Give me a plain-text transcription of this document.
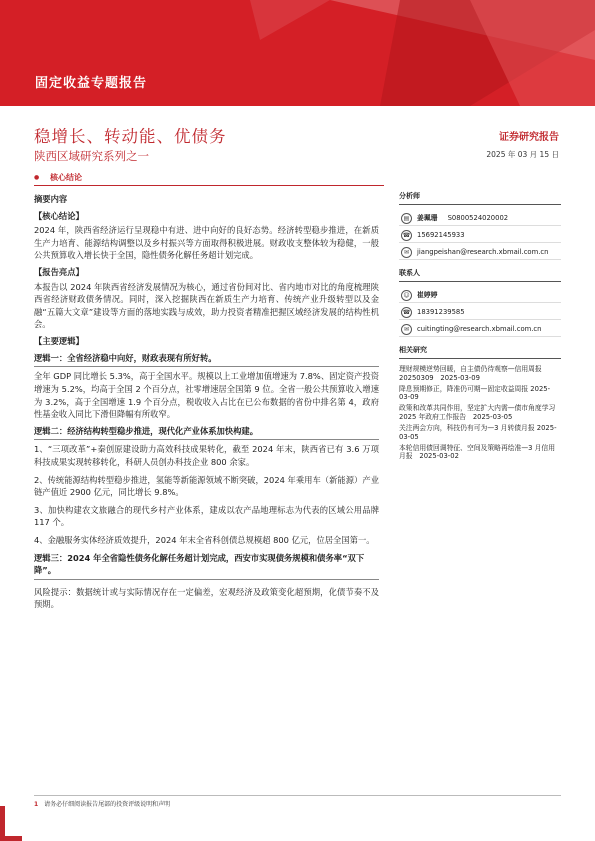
固定收益专题报告
稳增长、转动能、优债务
陕西区域研究系列之一
证券研究报告
2025 年 03 月 15 日
● 核心结论
摘要内容
【核心结论】

2024 年，陕西省经济运行呈现稳中有进、进中向好的良好态势。经济转型稳步推进，在新质生产力培育、能源结构调整以及乡村振兴等方面取得积极进展。财政收支整体较为稳健，一般公共预算收入增长快于全国，隐性债务化解任务超计划完成。

【报告亮点】

本报告以 2024 年陕西省经济发展情况为核心，通过省份间对比、省内地市对比的角度梳理陕西省经济财政债务情况。同时，深入挖掘陕西在新质生产力培育、传统产业升级转型以及金融“五篇大文章”建设等方面的落地实践与成效，助力投资者精准把握区域经济发展的结构性机会。

【主要逻辑】
逻辑一：全省经济稳中向好，财政表现有所好转。

全年 GDP 同比增长 5.3%，高于全国水平。规模以上工业增加值增速为 7.8%、固定资产投资增速为 5.2%，均高于全国 2 个百分点，社零增速居全国第 9 位。全省一般公共预算收入增速为 3.2%，高于全国增速 1.9 个百分点，税收收入占比在已公布数据的省份中排名第 4，政府性基金收入同比下滑但降幅有所收窄。

逻辑二：经济结构转型稳步推进，现代化产业体系加快构建。

1、“三项改革”+秦创原建设助力高效科技成果转化，截至 2024 年末，陕西省已有 3.6 万项科技成果实现转移转化，科研人员创办科技企业 800 余家。

2、传统能源结构转型稳步推进，氢能等新能源领域不断突破，2024 年乘用车（新能源）产业链产值近 2900 亿元，同比增长 9.8%。

3、加快构建农文旅融合的现代乡村产业体系，建成以农产品地理标志为代表的区域公用品牌 117 个。

4、金融服务实体经济质效提升，2024 年末全省科创债总规模超 800 亿元，位居全国第一。

逻辑三：2024 年全省隐性债务化解任务超计划完成，西安市实现债务规模和债务率“双下降”。

风险提示：数据统计或与实际情况存在一定偏差，宏观经济及政策变化超预期，化债节奏不及预期。

分析师
▤	姜珮珊 S0800524020002
☎ 15692145933
✉	jiangpeishan@research.xbmail.com.cn
联系人
☺	崔婷婷
☎ 18391239585
✉	cuitingting@research.xbmail.com.cn
相关研究
理财规模逆势回暖，自主债仍待观察—信用周报 20250309　2025-03-09
降息预期修正，降准仍可期—固定收益周报 2025-03-09
政策和改革共同作用，坚定扩大内需—债市角度学习 2025 年政府工作报告　2025-03-05
关注两会方向，科技仍有可为—3 月转债月报 2025-03-05
本轮信用债回调特征、空间及策略再绘准—3 月信用月报　2025-03-02
1 请务必仔细阅读报告尾部的投资评级说明和声明
